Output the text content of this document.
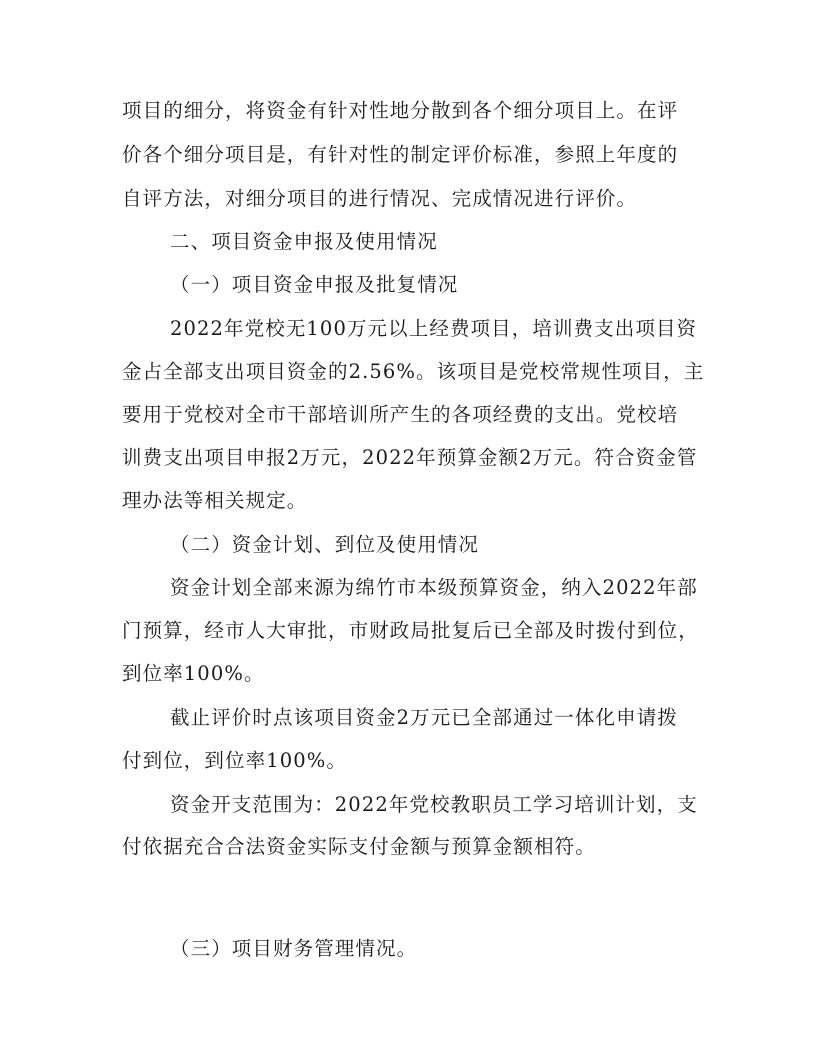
项目的细分，将资金有针对性地分散到各个细分项目上。在评
价各个细分项目是，有针对性的制定评价标准，参照上年度的
自评方法，对细分项目的进行情况、完成情况进行评价。
二、项目资金申报及使用情况
（一）项目资金申报及批复情况
2022年党校无100万元以上经费项目，培训费支出项目资
金占全部支出项目资金的2.56%。该项目是党校常规性项目，主
要用于党校对全市干部培训所产生的各项经费的支出。党校培
训费支出项目申报2万元，2022年预算金额2万元。符合资金管
理办法等相关规定。
（二）资金计划、到位及使用情况
资金计划全部来源为绵竹市本级预算资金，纳入2022年部
门预算，经市人大审批，市财政局批复后已全部及时拨付到位，
到位率100%。
截止评价时点该项目资金2万元已全部通过一体化申请拨
付到位，到位率100%。
资金开支范围为：2022年党校教职员工学习培训计划，支
付依据充合合法资金实际支付金额与预算金额相符。
（三）项目财务管理情况。
